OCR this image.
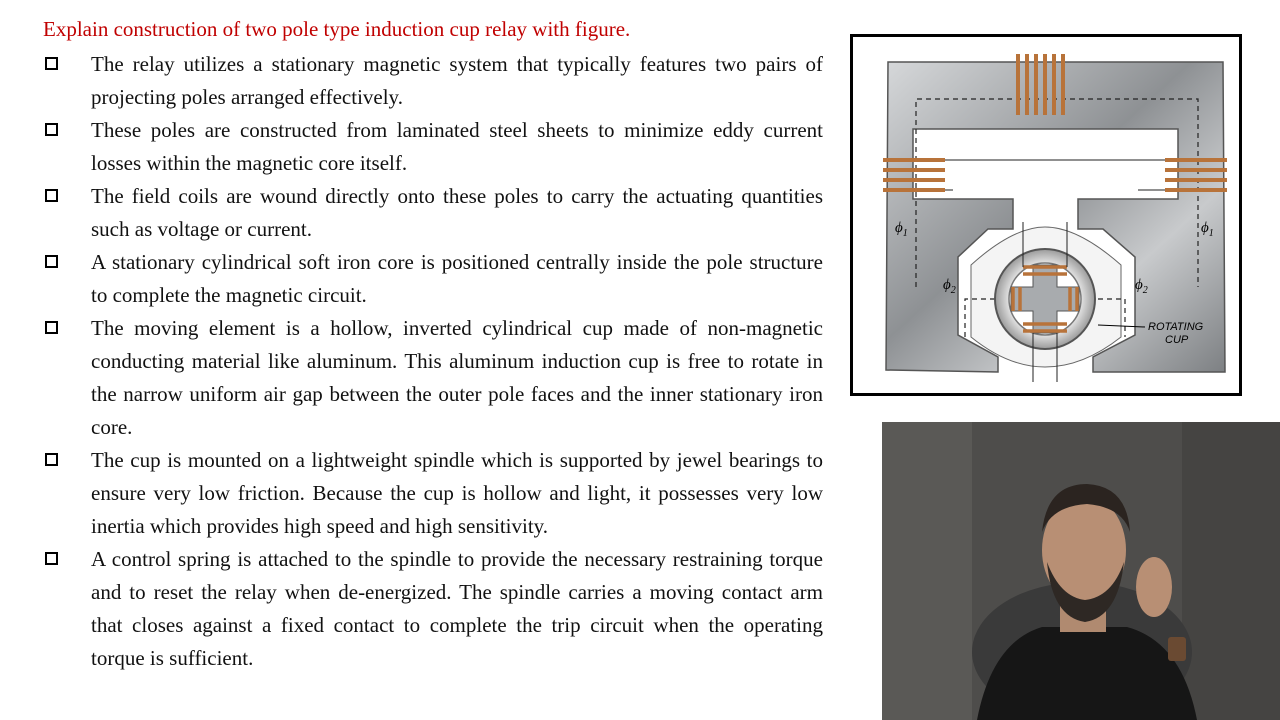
Explain construction of two pole type induction cup relay with figure.
The relay utilizes a stationary magnetic system that typically features two pairs of projecting poles arranged effectively.
These poles are constructed from laminated steel sheets to minimize eddy current losses within the magnetic core itself.
The field coils are wound directly onto these poles to carry the actuating quantities such as voltage or current.
A stationary cylindrical soft iron core is positioned centrally inside the pole structure to complete the magnetic circuit.
The moving element is a hollow, inverted cylindrical cup made of non-magnetic conducting material like aluminum. This aluminum induction cup is free to rotate in the narrow uniform air gap between the outer pole faces and the inner stationary iron core.
The cup is mounted on a lightweight spindle which is supported by jewel bearings to ensure very low friction. Because the cup is hollow and light, it possesses very low inertia which provides high speed and high sensitivity.
A control spring is attached to the spindle to provide the necessary restraining torque and to reset the relay when de-energized. The spindle carries a moving contact arm that closes against a fixed contact to complete the trip circuit when the operating torque is sufficient.
$\phi_1$	$\phi_1$
$\phi_2$	$\phi_2$
ROTATING
CUP
